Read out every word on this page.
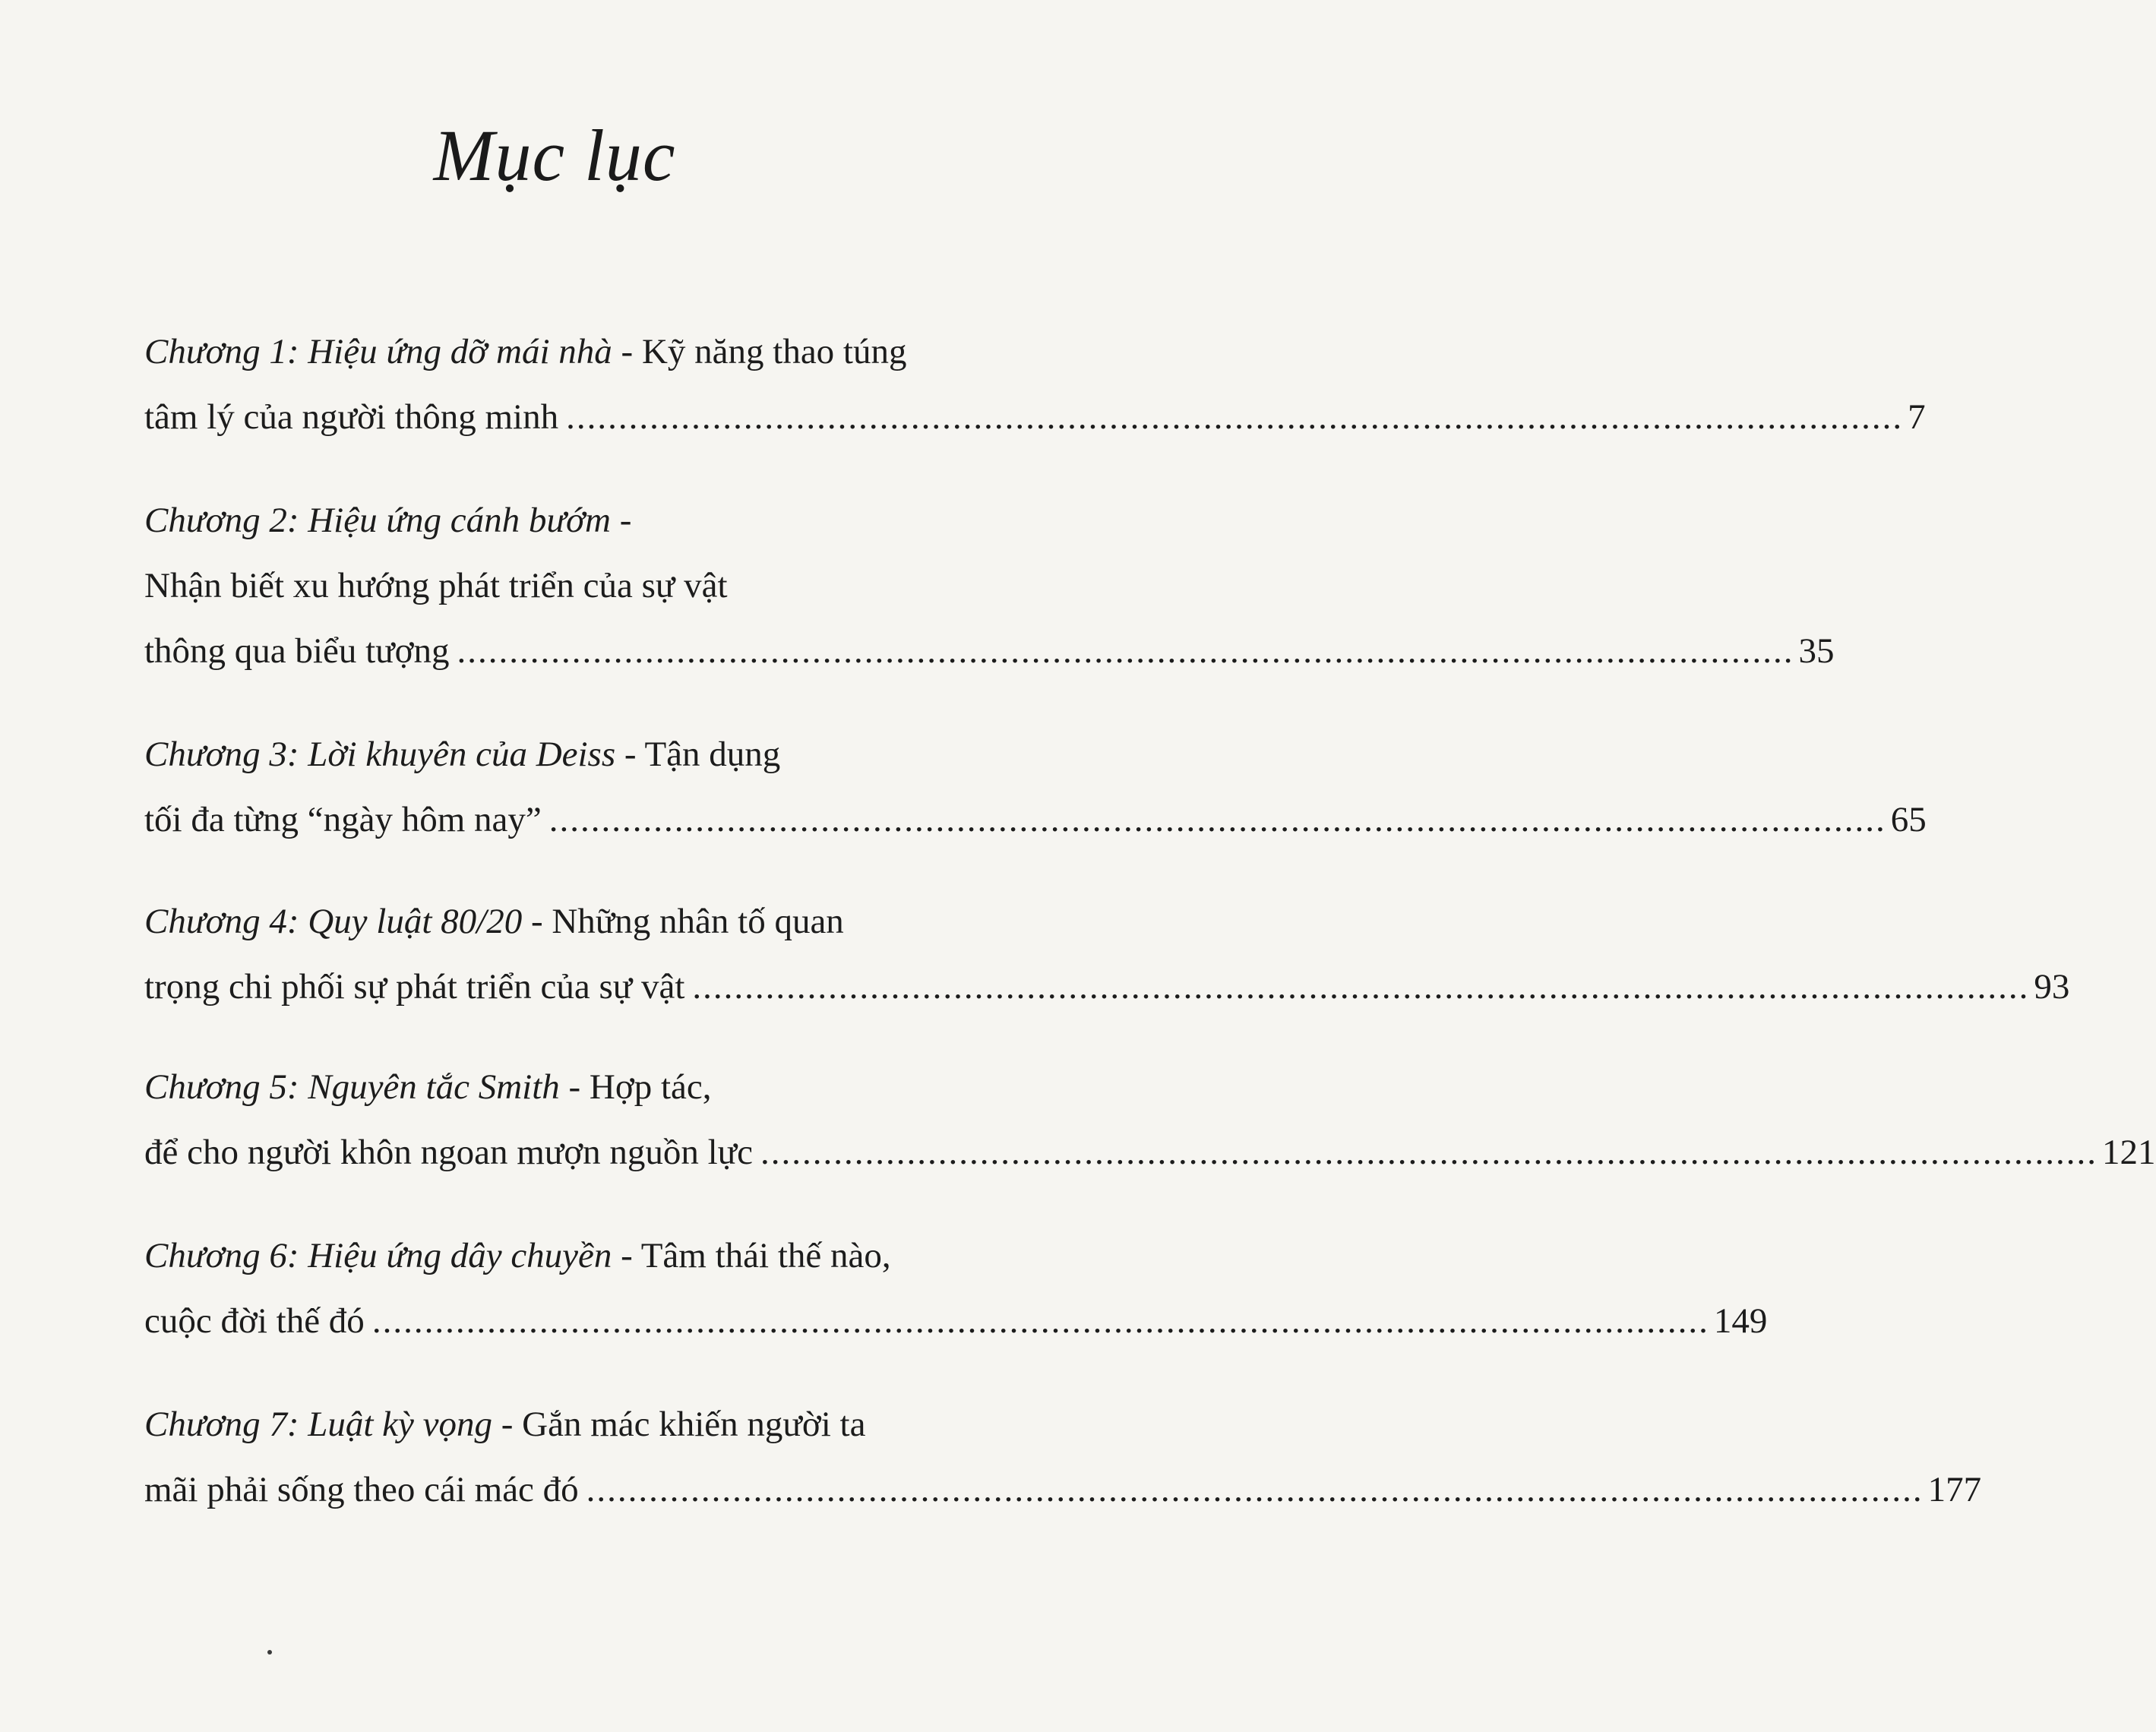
Mục lục
Chương 1: Hiệu ứng dỡ mái nhà - Kỹ năng thao túng
tâm lý của người thông minh ................................................................................................................................ 7
Chương 2: Hiệu ứng cánh bướm -
Nhận biết xu hướng phát triển của sự vật
thông qua biểu tượng ................................................................................................................................ 35
Chương 3: Lời khuyên của Deiss - Tận dụng
tối đa từng “ngày hôm nay” ................................................................................................................................ 65
Chương 4: Quy luật 80/20 - Những nhân tố quan
trọng chi phối sự phát triển của sự vật ................................................................................................................................ 93
Chương 5: Nguyên tắc Smith - Hợp tác,
để cho người khôn ngoan mượn nguồn lực ................................................................................................................................ 121
Chương 6: Hiệu ứng dây chuyền - Tâm thái thế nào,
cuộc đời thế đó ................................................................................................................................ 149
Chương 7: Luật kỳ vọng - Gắn mác khiến người ta
mãi phải sống theo cái mác đó ................................................................................................................................ 177
